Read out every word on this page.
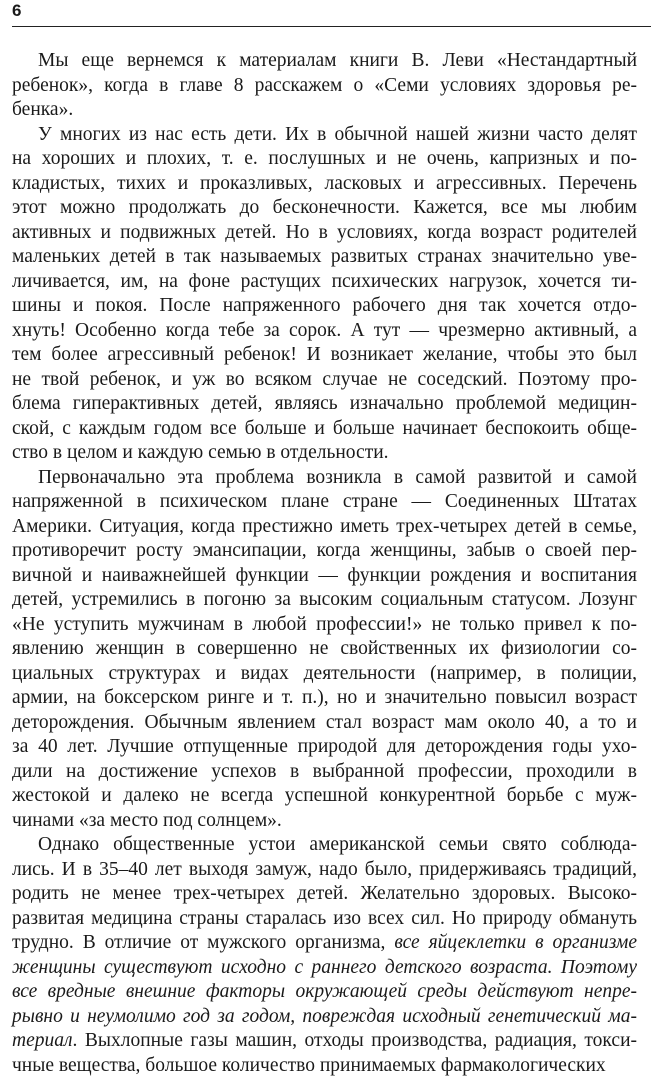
6
Мы еще вернемся к материалам книги В. Леви «Нестандартный
ребенок», когда в главе 8 расскажем о «Семи условиях здоровья ре-
бенка».
У многих из нас есть дети. Их в обычной нашей жизни часто делят
на хороших и плохих, т. е. послушных и не очень, капризных и по-
кладистых, тихих и проказливых, ласковых и агрессивных. Перечень
этот можно продолжать до бесконечности. Кажется, все мы любим
активных и подвижных детей. Но в условиях, когда возраст родителей
маленьких детей в так называемых развитых странах значительно уве-
личивается, им, на фоне растущих психических нагрузок, хочется ти-
шины и покоя. После напряженного рабочего дня так хочется отдо-
хнуть! Особенно когда тебе за сорок. А тут — чрезмерно активный, а
тем более агрессивный ребенок! И возникает желание, чтобы это был
не твой ребенок, и уж во всяком случае не соседский. Поэтому про-
блема гиперактивных детей, являясь изначально проблемой медицин-
ской, с каждым годом все больше и больше начинает беспокоить обще-
ство в целом и каждую семью в отдельности.
Первоначально эта проблема возникла в самой развитой и самой
напряженной в психическом плане стране — Соединенных Штатах
Америки. Ситуация, когда престижно иметь трех-четырех детей в семье,
противоречит росту эмансипации, когда женщины, забыв о своей пер-
вичной и наиважнейшей функции — функции рождения и воспитания
детей, устремились в погоню за высоким социальным статусом. Лозунг
«Не уступить мужчинам в любой профессии!» не только привел к по-
явлению женщин в совершенно не свойственных их физиологии со-
циальных структурах и видах деятельности (например, в полиции,
армии, на боксерском ринге и т. п.), но и значительно повысил возраст
деторождения. Обычным явлением стал возраст мам около 40, а то и
за 40 лет. Лучшие отпущенные природой для деторождения годы ухо-
дили на достижение успехов в выбранной профессии, проходили в
жестокой и далеко не всегда успешной конкурентной борьбе с муж-
чинами «за место под солнцем».
Однако общественные устои американской семьи свято соблюда-
лись. И в 35–40 лет выходя замуж, надо было, придерживаясь традиций,
родить не менее трех-четырех детей. Желательно здоровых. Высоко-
развитая медицина страны старалась изо всех сил. Но природу обмануть
трудно. В отличие от мужского организма, все яйцеклетки в организме
женщины существуют исходно с раннего детского возраста. Поэтому
все вредные внешние факторы окружающей среды действуют непре-
рывно и неумолимо год за годом, повреждая исходный генетический ма-
териал. Выхлопные газы машин, отходы производства, радиация, токси-
чные вещества, большое количество принимаемых фармакологических
